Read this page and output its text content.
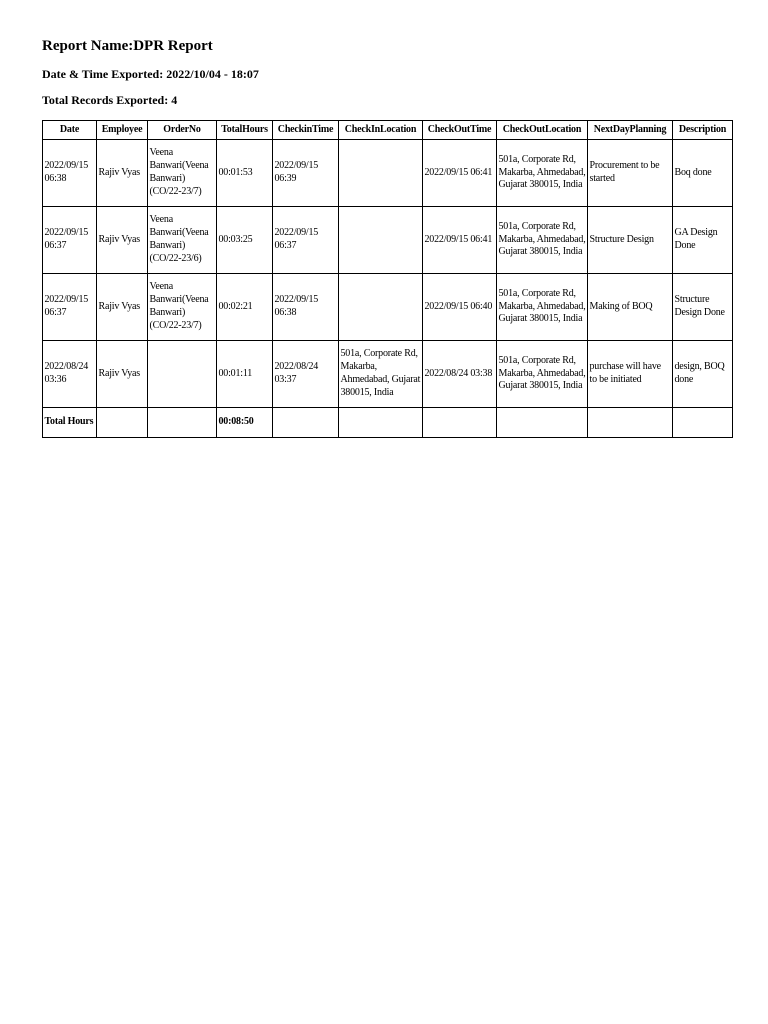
Report Name:DPR Report
Date & Time Exported: 2022/10/04 - 18:07
Total Records Exported: 4
Date	Employee	OrderNo	TotalHours	CheckinTime	CheckInLocation	CheckOutTime	CheckOutLocation	NextDayPlanning	Description
2022/09/15 06:38	Rajiv Vyas	Veena Banwari(Veena Banwari) (CO/22-23/7)	00:01:53	2022/09/15 06:39		2022/09/15 06:41	501a, Corporate Rd, Makarba, Ahmedabad, Gujarat 380015, India	Procurement to be started	Boq done
2022/09/15 06:37	Rajiv Vyas	Veena Banwari(Veena Banwari) (CO/22-23/6)	00:03:25	2022/09/15 06:37		2022/09/15 06:41	501a, Corporate Rd, Makarba, Ahmedabad, Gujarat 380015, India	Structure Design	GA Design Done
2022/09/15 06:37	Rajiv Vyas	Veena Banwari(Veena Banwari) (CO/22-23/7)	00:02:21	2022/09/15 06:38		2022/09/15 06:40	501a, Corporate Rd, Makarba, Ahmedabad, Gujarat 380015, India	Making of BOQ	Structure Design Done
2022/08/24 03:36	Rajiv Vyas		00:01:11	2022/08/24 03:37	501a, Corporate Rd, Makarba, Ahmedabad, Gujarat 380015, India	2022/08/24 03:38	501a, Corporate Rd, Makarba, Ahmedabad, Gujarat 380015, India	purchase will have to be initiated	design, BOQ done
Total Hours			00:08:50						
